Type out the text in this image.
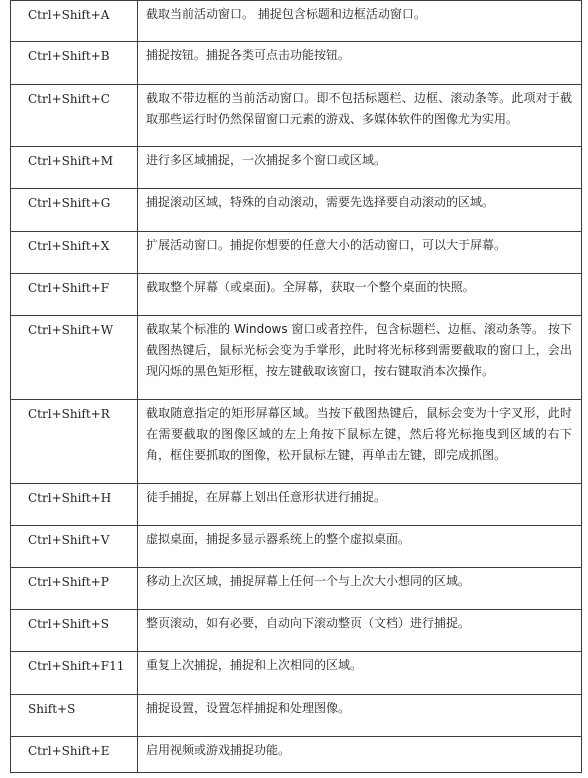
Ctrl+Shift+A	截取当前活动窗口。 捕捉包含标题和边框活动窗口。
Ctrl+Shift+B	捕捉按钮。捕捉各类可点击功能按钮。
Ctrl+Shift+C	截取不带边框的当前活动窗口。即不包括标题栏、边框、滚动条等。此项对于截取那些运行时仍然保留窗口元素的游戏、多媒体软件的图像尤为实用。
Ctrl+Shift+M	进行多区域捕捉，一次捕捉多个窗口或区域。
Ctrl+Shift+G	捕捉滚动区域，特殊的自动滚动，需要先选择要自动滚动的区域。
Ctrl+Shift+X	扩展活动窗口。捕捉你想要的任意大小的活动窗口，可以大于屏幕。
Ctrl+Shift+F	截取整个屏幕（或桌面)。全屏幕，获取一个整个桌面的快照。
Ctrl+Shift+W	截取某个标准的 Windows 窗口或者控件，包含标题栏、边框、滚动条等。 按下截图热键后，鼠标光标会变为手掌形，此时将光标移到需要截取的窗口上，会出现闪烁的黑色矩形框，按左键截取该窗口，按右键取消本次操作。
Ctrl+Shift+R	截取随意指定的矩形屏幕区域。当按下截图热键后，鼠标会变为十字叉形，此时在需要截取的图像区域的左上角按下鼠标左键，然后将光标拖曳到区域的右下角，框住要抓取的图像，松开鼠标左键，再单击左键，即完成抓图。
Ctrl+Shift+H	徒手捕捉，在屏幕上划出任意形状进行捕捉。
Ctrl+Shift+V	虚拟桌面，捕捉多显示器系统上的整个虚拟桌面。
Ctrl+Shift+P	移动上次区域，捕捉屏幕上任何一个与上次大小想同的区域。
Ctrl+Shift+S	整页滚动，如有必要，自动向下滚动整页（文档）进行捕捉。
Ctrl+Shift+F11	重复上次捕捉，捕捉和上次相同的区域。
Shift+S	捕捉设置，设置怎样捕捉和处理图像。
Ctrl+Shift+E	启用视频或游戏捕捉功能。
